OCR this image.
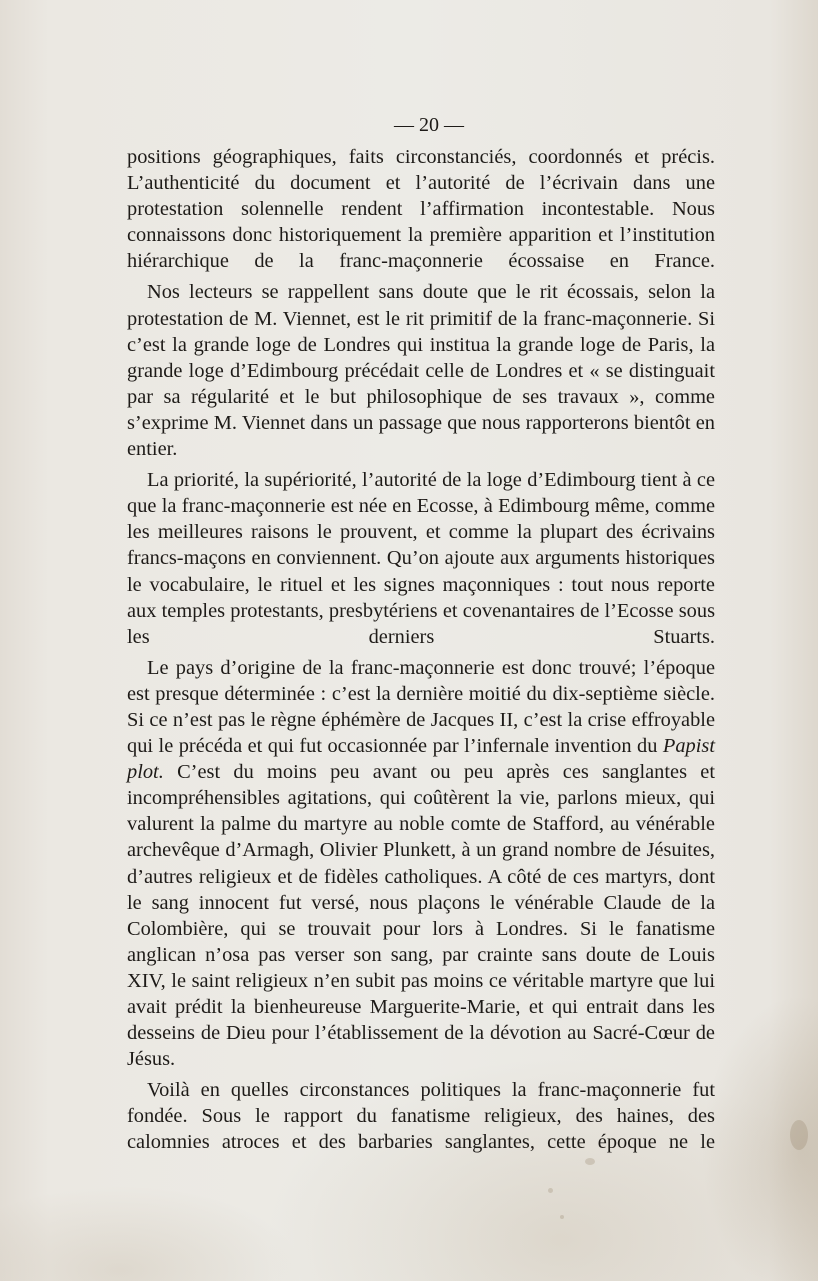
— 20 —

positions géographiques, faits circonstanciés, coordonnés et précis. L’authenticité du document et l’autorité de l’écrivain dans une protestation solennelle rendent l’affirmation incontestable. Nous connaissons donc historiquement la première apparition et l’institution hiérarchique de la franc-maçonnerie écossaise en France.

Nos lecteurs se rappellent sans doute que le rit écossais, selon la protestation de M. Viennet, est le rit primitif de la franc-maçonnerie. Si c’est la grande loge de Londres qui institua la grande loge de Paris, la grande loge d’Edimbourg précédait celle de Londres et « se distinguait par sa régularité et le but philosophique de ses travaux », comme s’exprime M. Viennet dans un passage que nous rapporterons bientôt en entier.

La priorité, la supériorité, l’autorité de la loge d’Edimbourg tient à ce que la franc-maçonnerie est née en Ecosse, à Edimbourg même, comme les meilleures raisons le prouvent, et comme la plupart des écrivains francs-maçons en conviennent. Qu’on ajoute aux arguments historiques le vocabulaire, le rituel et les signes maçonniques : tout nous reporte aux temples protestants, presbytériens et covenantaires de l’Ecosse sous les derniers Stuarts.

Le pays d’origine de la franc-maçonnerie est donc trouvé; l’époque est presque déterminée : c’est la dernière moitié du dix-septième siècle. Si ce n’est pas le règne éphémère de Jacques II, c’est la crise effroyable qui le précéda et qui fut occasionnée par l’infernale invention du Papist plot. C’est du moins peu avant ou peu après ces sanglantes et incompréhensibles agitations, qui coûtèrent la vie, parlons mieux, qui valurent la palme du martyre au noble comte de Stafford, au vénérable archevêque d’Armagh, Olivier Plunkett, à un grand nombre de Jésuites, d’autres religieux et de fidèles catholiques. A côté de ces martyrs, dont le sang innocent fut versé, nous plaçons le vénérable Claude de la Colombière, qui se trouvait pour lors à Londres. Si le fanatisme anglican n’osa pas verser son sang, par crainte sans doute de Louis XIV, le saint religieux n’en subit pas moins ce véritable martyre que lui avait prédit la bienheureuse Marguerite-Marie, et qui entrait dans les desseins de Dieu pour l’établissement de la dévotion au Sacré-Cœur de Jésus.

Voilà en quelles circonstances politiques la franc-maçonnerie fut fondée. Sous le rapport du fanatisme religieux, des haines, des calomnies atroces et des barbaries sanglantes, cette époque ne le
